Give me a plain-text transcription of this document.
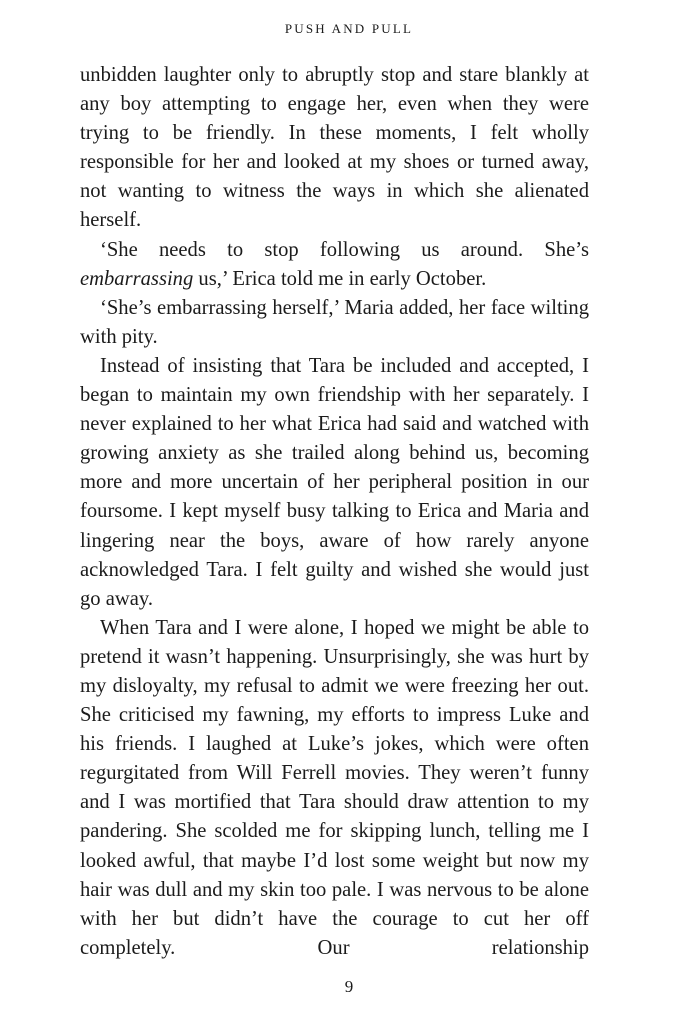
PUSH AND PULL

unbidden laughter only to abruptly stop and stare blankly at any boy attempting to engage her, even when they were trying to be friendly. In these moments, I felt wholly responsible for her and looked at my shoes or turned away, not wanting to witness the ways in which she alienated herself.

‘She needs to stop following us around. She’s embarrassing us,’ Erica told me in early October.

‘She’s embarrassing herself,’ Maria added, her face wilting with pity.

Instead of insisting that Tara be included and accepted, I began to maintain my own friendship with her separately. I never explained to her what Erica had said and watched with growing anxiety as she trailed along behind us, becoming more and more uncertain of her peripheral position in our foursome. I kept myself busy talking to Erica and Maria and lingering near the boys, aware of how rarely anyone acknowledged Tara. I felt guilty and wished she would just go away.

When Tara and I were alone, I hoped we might be able to pretend it wasn’t happening. Unsurprisingly, she was hurt by my disloyalty, my refusal to admit we were freezing her out. She criticised my fawning, my efforts to impress Luke and his friends. I laughed at Luke’s jokes, which were often regurgitated from Will Ferrell movies. They weren’t funny and I was mortified that Tara should draw attention to my pandering. She scolded me for skipping lunch, telling me I looked awful, that maybe I’d lost some weight but now my hair was dull and my skin too pale. I was nervous to be alone with her but didn’t have the courage to cut her off completely. Our relationship

9
